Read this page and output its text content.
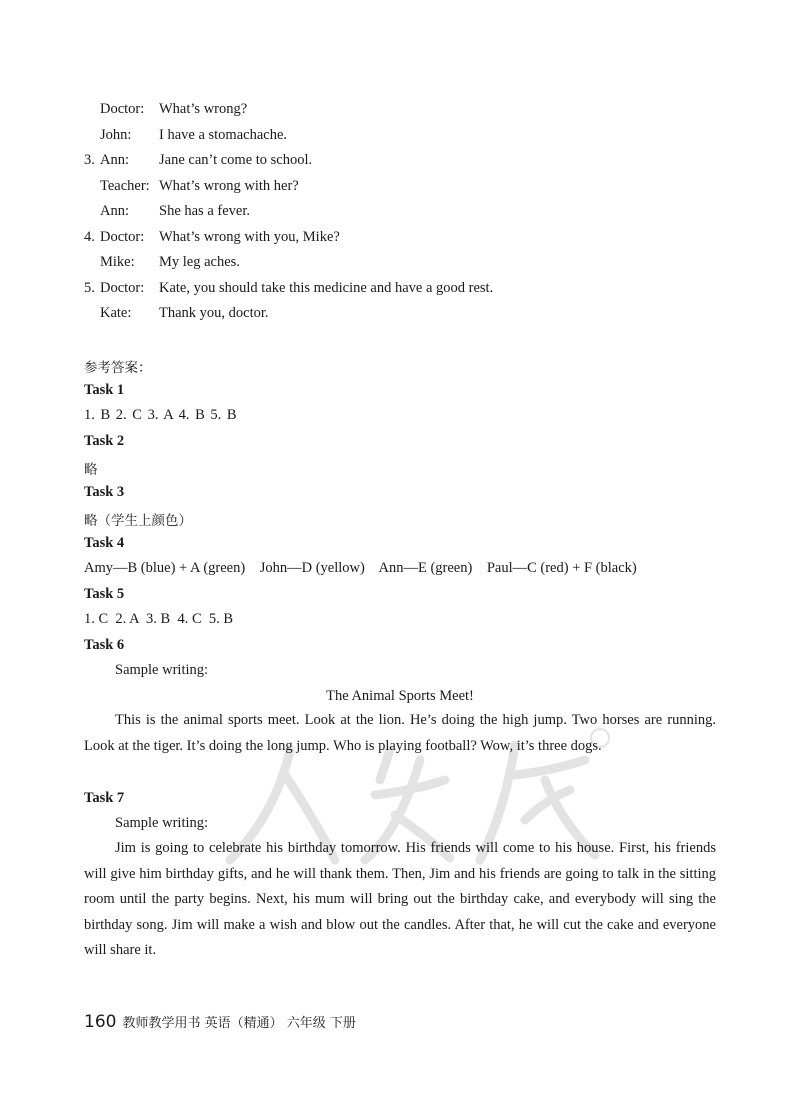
Doctor: What’s wrong?
John: I have a stomachache.
3. Ann: Jane can’t come to school.
Teacher: What’s wrong with her?
Ann: She has a fever.
4. Doctor: What’s wrong with you, Mike?
Mike: My leg aches.
5. Doctor: Kate, you should take this medicine and have a good rest.
Kate: Thank you, doctor.
参考答案：
Task 1
1. B 2. C 3. A 4. B 5. B
Task 2
略
Task 3
略（学生上颜色）
Task 4
Amy—B (blue) + A (green)    John—D (yellow)    Ann—E (green)    Paul—C (red) + F (black)
Task 5
1. C  2. A  3. B  4. C  5. B
Task 6
Sample writing:
The Animal Sports Meet!

This is the animal sports meet. Look at the lion. He’s doing the high jump. Two horses are running. Look at the tiger. It’s doing the long jump. Who is playing football? Wow, it’s three dogs.

Task 7
Sample writing:

Jim is going to celebrate his birthday tomorrow. His friends will come to his house. First, his friends will give him birthday gifts, and he will thank them. Then, Jim and his friends are going to talk in the sitting room until the party begins. Next, his mum will bring out the birthday cake, and everybody will sing the birthday song. Jim will make a wish and blow out the candles. After that, he will cut the cake and everyone will share it.

160 教师教学用书 英语（精通） 六年级 下册
